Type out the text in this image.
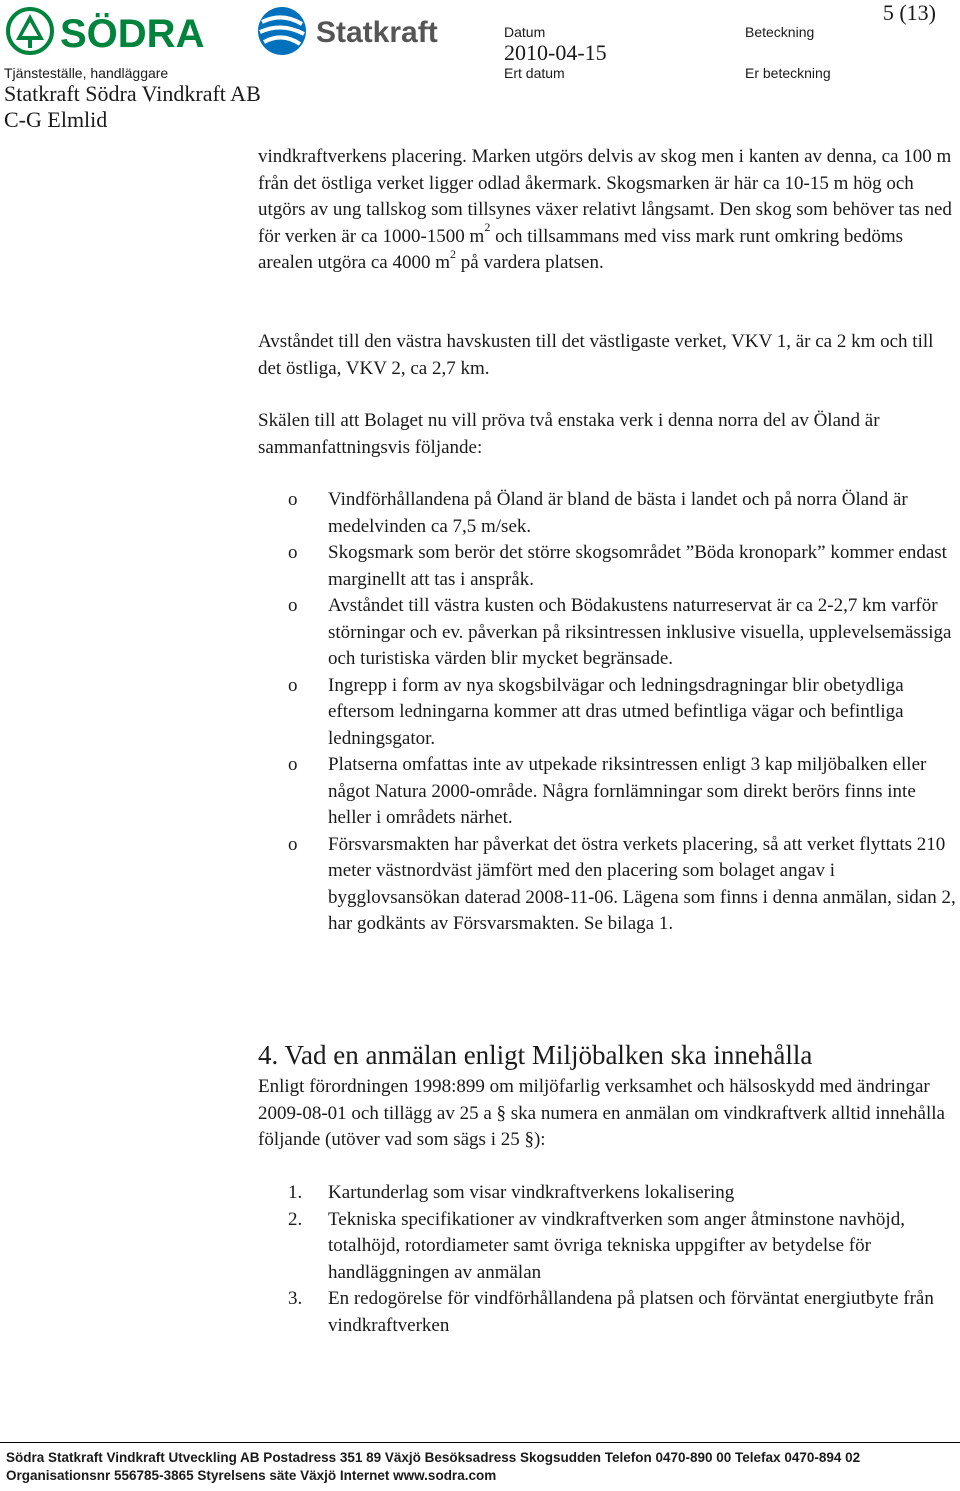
SÖDRA	Statkraft	Datum
2010-04-15
Beteckning
5 (13)
Tjänsteställe, handläggare	Ert datum	Er beteckning
Statkraft Södra Vindkraft AB
C-G Elmlid

vindkraftverkens placering. Marken utgörs delvis av skog men i kanten av denna, ca 100 m från det östliga verket ligger odlad åkermark. Skogsmarken är här ca 10-15 m hög och utgörs av ung tallskog som tillsynes växer relativt långsamt. Den skog som behöver tas ned för verken är ca 1000-1500 $m^2$ och tillsammans med viss mark runt omkring bedöms arealen utgöra ca 4000 $m^2$ på vardera platsen.

Avståndet till den västra havskusten till det västligaste verket, VKV 1, är ca 2 km och till det östliga, VKV 2, ca 2,7 km.
Skälen till att Bolaget nu vill pröva två enstaka verk i denna norra del av Öland är sammanfattningsvis följande:
o Vindförhållandena på Öland är bland de bästa i landet och på norra Öland är medelvinden ca 7,5 m/sek.
o Skogsmark som berör det större skogsområdet ”Böda kronopark” kommer endast marginellt att tas i anspråk.
o Avståndet till västra kusten och Bödakustens naturreservat är ca 2-2,7 km varför störningar och ev. påverkan på riksintressen inklusive visuella, upplevelsemässiga och turistiska värden blir mycket begränsade.
o Ingrepp i form av nya skogsbilvägar och ledningsdragningar blir obetydliga eftersom ledningarna kommer att dras utmed befintliga vägar och befintliga ledningsgator.
o Platserna omfattas inte av utpekade riksintressen enligt 3 kap miljöbalken eller något Natura 2000-område. Några fornlämningar som direkt berörs finns inte heller i områdets närhet.
o Försvarsmakten har påverkat det östra verkets placering, så att verket flyttats 210 meter västnordväst jämfört med den placering som bolaget angav i bygglovsansökan daterad 2008-11-06. Lägena som finns i denna anmälan, sidan 2, har godkänts av Försvarsmakten. Se bilaga 1.
4. Vad en anmälan enligt Miljöbalken ska innehålla
Enligt förordningen 1998:899 om miljöfarlig verksamhet och hälsoskydd med ändringar 2009-08-01 och tillägg av 25 a § ska numera en anmälan om vindkraftverk alltid innehålla följande (utöver vad som sägs i 25 §):
1. Kartunderlag som visar vindkraftverkens lokalisering
2. Tekniska specifikationer av vindkraftverken som anger åtminstone navhöjd, totalhöjd, rotordiameter samt övriga tekniska uppgifter av betydelse för handläggningen av anmälan
3. En redogörelse för vindförhållandena på platsen och förväntat energiutbyte från vindkraftverken
Södra Statkraft Vindkraft Utveckling AB Postadress 351 89 Växjö Besöksadress Skogsudden Telefon 0470-890 00 Telefax 0470-894 02
Organisationsnr 556785-3865 Styrelsens säte Växjö Internet www.sodra.com
